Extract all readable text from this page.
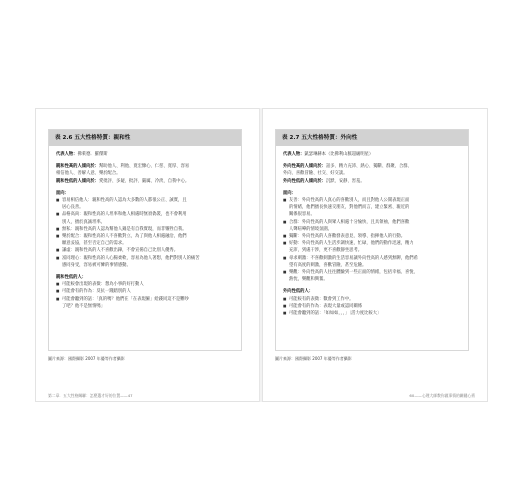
表 2.6 五大性格特質：親和性
代表人物：佛萊德．羅傑斯
親和性高的人傾向於：幫助他人、利他、寬宏慷心、仁慈、寬厚、容易
相信他人、善解人意、樂於配合。
親和性低的人傾向於：愛批評、多疑、批評、嚴厲、冷淡、自我中心。
面向：
■ 容易相信他人：親和性高的人認為大多數的人都很公正、誠實，且
居心良善。
■ 品格高尚：親和性高的人坦率和他人相處時無須偽裝，也不會利用
別人，擅於真誠坦率。
■ 無私：親和性高的人認為幫他人錦是有自我實現，而非犧牲自我。
■ 樂於配合：親和性高的人不喜歡對立，為了與他人相處融洽，他們
願意妥協，甚至否定自己的需求。
■ 謙虛：親和性高的人不喜歡出鋒，不會宣揚自己比別人優秀。
■ 富同理心：親和性高的人心腸柔軟，容易為他人著想，他們對別人的痛苦
感同身受，容易被可憐的事情感動。
親和性低的人：
■ 可能較會出現的表徵：想為小事的好打動人
■ 可能會有的作為：反抗一踐踏別的人
■ 可能會聽到的話：「真的嗎？他們在「在表現僱」給錢同這不是難吵
了吧？他不是無情嗎」
圖片來源：國際攝影 2007 年優等作者攝影
第二章．五大性格關聯：怎麼選才好的位置——47
表 2.7 五大性格特質：外向性
代表人物：凱瑟琳赫本（比佛利山脈超級明星）
外向性高的人傾向於：話多、精力充沛、熱心、獨斷、群聚、合群、
外向、喜歡冒險、社交、好交談。
外向性低的人傾向於：沉默、安靜、害羞。
面向：
■ 友善：外向性高的人真心的喜歡別人，而且對他人公開表現正面
的情緒，他們擅長快速交朋友，對他們而言，建立緊密、親近的
關係很容易。
■ 合群：外向性高的人與眾人相處十分愉快，且具領袖，他們喜歡
人聲喧嘩的情境氛圍。
■ 獨斷：外向性高的人喜歡發表意見、領導、指揮他人的行動。
■ 好動：外向性高的人生活步調快速，忙碌，他們的動作迅速，精力
充沛，到處干涉，更不喜歡靜坐思考。
■ 尋求刺激：不喜歡刺激的生活容易讓外向性高的人感到無聊，他們希
望有高度的刺激，喜歡冒險，甚至危險。
■ 樂觀：外向性高的人往往體驗到一些正面的情緒，包括幸福、喜悅、
熱忱，樂觀和興奮。
外向性低的人：
■ 可能較有的表徵：數會到工作中。
■ 可能會有的作為：表現大量或認同關係
■ 可能會聽到的話：「如如如，，，」〔活力度比較大〕
圖片來源：國際攝影 2007 年優等作者攝影
60——心理大師教你做事情的關鍵心術
